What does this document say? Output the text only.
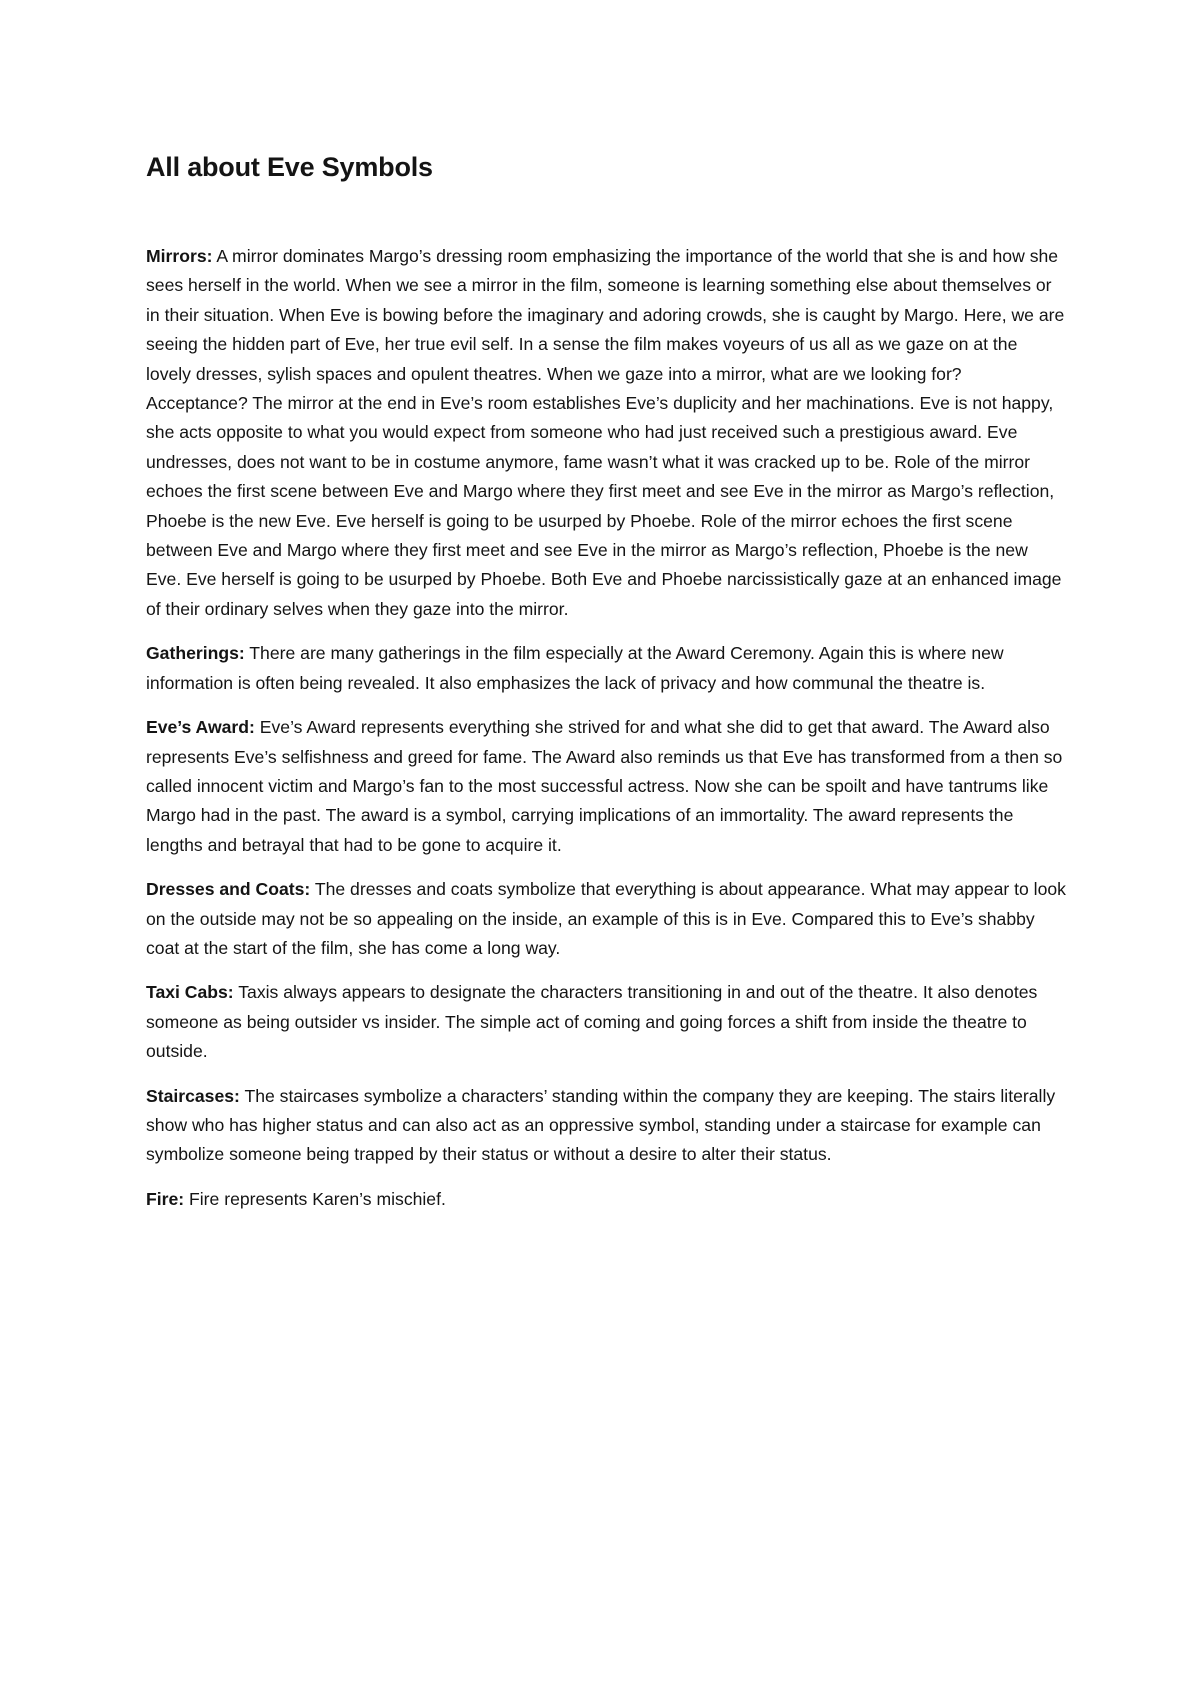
All about Eve Symbols

Mirrors: A mirror dominates Margo’s dressing room emphasizing the importance of the world that she is and how she sees herself in the world. When we see a mirror in the film, someone is learning something else about themselves or in their situation. When Eve is bowing before the imaginary and adoring crowds, she is caught by Margo. Here, we are seeing the hidden part of Eve, her true evil self. In a sense the film makes voyeurs of us all as we gaze on at the lovely dresses, sylish spaces and opulent theatres. When we gaze into a mirror, what are we looking for? Acceptance? The mirror at the end in Eve’s room establishes Eve’s duplicity and her machinations. Eve is not happy, she acts opposite to what you would expect from someone who had just received such a prestigious award. Eve undresses, does not want to be in costume anymore, fame wasn’t what it was cracked up to be. Role of the mirror echoes the first scene between Eve and Margo where they first meet and see Eve in the mirror as Margo’s reflection, Phoebe is the new Eve. Eve herself is going to be usurped by Phoebe. Role of the mirror echoes the first scene between Eve and Margo where they first meet and see Eve in the mirror as Margo’s reflection, Phoebe is the new Eve. Eve herself is going to be usurped by Phoebe. Both Eve and Phoebe narcissistically gaze at an enhanced image of their ordinary selves when they gaze into the mirror.

Gatherings: There are many gatherings in the film especially at the Award Ceremony. Again this is where new information is often being revealed. It also emphasizes the lack of privacy and how communal the theatre is.

Eve’s Award: Eve’s Award represents everything she strived for and what she did to get that award. The Award also represents Eve’s selfishness and greed for fame. The Award also reminds us that Eve has transformed from a then so called innocent victim and Margo’s fan to the most successful actress. Now she can be spoilt and have tantrums like Margo had in the past. The award is a symbol, carrying implications of an immortality. The award represents the lengths and betrayal that had to be gone to acquire it.

Dresses and Coats: The dresses and coats symbolize that everything is about appearance. What may appear to look on the outside may not be so appealing on the inside, an example of this is in Eve. Compared this to Eve’s shabby coat at the start of the film, she has come a long way.

Taxi Cabs: Taxis always appears to designate the characters transitioning in and out of the theatre. It also denotes someone as being outsider vs insider. The simple act of coming and going forces a shift from inside the theatre to outside.

Staircases: The staircases symbolize a characters’ standing within the company they are keeping. The stairs literally show who has higher status and can also act as an oppressive symbol, standing under a staircase for example can symbolize someone being trapped by their status or without a desire to alter their status.

Fire: Fire represents Karen’s mischief.
